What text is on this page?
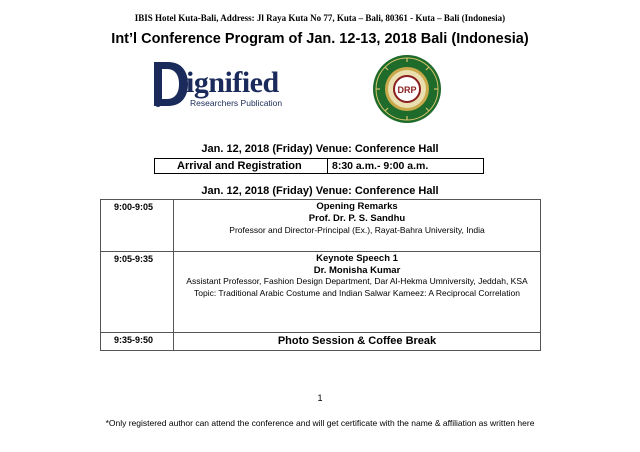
IBIS Hotel Kuta-Bali, Address: Jl Raya Kuta No 77, Kuta – Bali, 80361 - Kuta – Bali (Indonesia)
Int’l Conference Program of Jan. 12-13, 2018 Bali (Indonesia)
ignified
Researchers Publication
DRP
Jan. 12, 2018 (Friday) Venue: Conference Hall
Arrival and Registration	8:30 a.m.- 9:00 a.m.
Jan. 12, 2018 (Friday) Venue: Conference Hall
9:00-9:05	Opening Remarks
Prof. Dr. P. S. Sandhu
Professor and Director-Principal (Ex.), Rayat-Bahra University, India

9:05-9:35	Keynote Speech 1
Dr. Monisha Kumar
Assistant Professor, Fashion Design Department, Dar Al-Hekma Umniversity, Jeddah, KSA
Topic: Traditional Arabic Costume and Indian Salwar Kameez: A Reciprocal Correlation

9:35-9:50	Photo Session & Coffee Break
1
*Only registered author can attend the conference and will get certificate with the name & affiliation as written here
